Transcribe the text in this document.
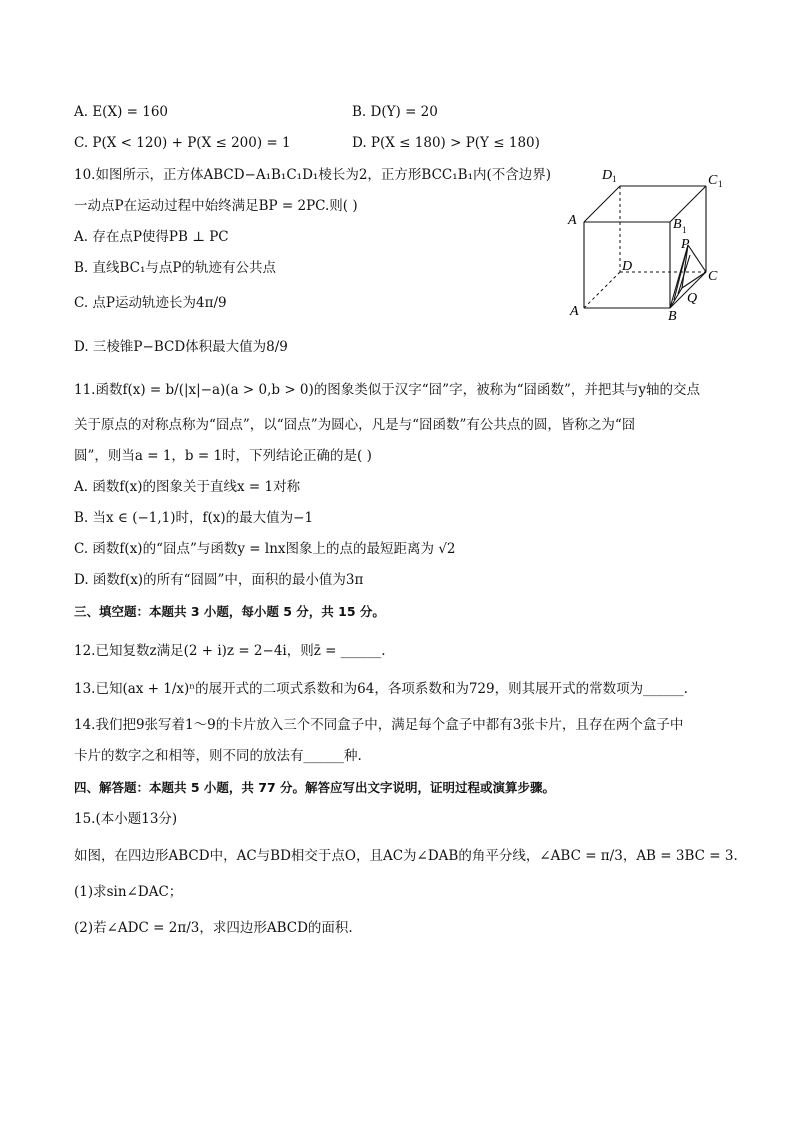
A. E(X) = 160	B. D(Y) = 20
C. P(X < 120) + P(X ≤ 200) = 1	D. P(X ≤ 180) > P(Y ≤ 180)
10.如图所示，正方体ABCD−A₁B₁C₁D₁棱长为2，正方形BCC₁B₁内(不含边界)
一动点P在运动过程中始终满足BP = 2PC.则( )
A. 存在点P使得PB ⊥ PC
B. 直线BC₁与点P的轨迹有公共点
C. 点P运动轨迹长为4π/9
D. 三棱锥P−BCD体积最大值为8/9
D 1	C 1
A	B 1
P
D
C
Q
A	B
11.函数f(x) = b/(|x|−a)(a > 0,b > 0)的图象类似于汉字“囧”字，被称为“囧函数”，并把其与y轴的交点
关于原点的对称点称为“囧点”，以“囧点”为圆心，凡是与“囧函数”有公共点的圆，皆称之为“囧
圆”，则当a = 1，b = 1时，下列结论正确的是( )
A. 函数f(x)的图象关于直线x = 1对称
B. 当x ∈ (−1,1)时，f(x)的最大值为−1
C. 函数f(x)的“囧点”与函数y = lnx图象上的点的最短距离为 √2
D. 函数f(x)的所有“囧圆”中，面积的最小值为3π
三、填空题：本题共 3 小题，每小题 5 分，共 15 分。
12.已知复数z满足(2 + i)z = 2−4i，则z̄ = ______.
13.已知(ax + 1/x)ⁿ的展开式的二项式系数和为64，各项系数和为729，则其展开式的常数项为______.
14.我们把9张写着1～9的卡片放入三个不同盒子中，满足每个盒子中都有3张卡片，且存在两个盒子中
卡片的数字之和相等，则不同的放法有______种.
四、解答题：本题共 5 小题，共 77 分。解答应写出文字说明，证明过程或演算步骤。
15.(本小题13分)
如图，在四边形ABCD中，AC与BD相交于点O，且AC为∠DAB的角平分线，∠ABC = π/3，AB = 3BC = 3.
(1)求sin∠DAC；
(2)若∠ADC = 2π/3，求四边形ABCD的面积.
